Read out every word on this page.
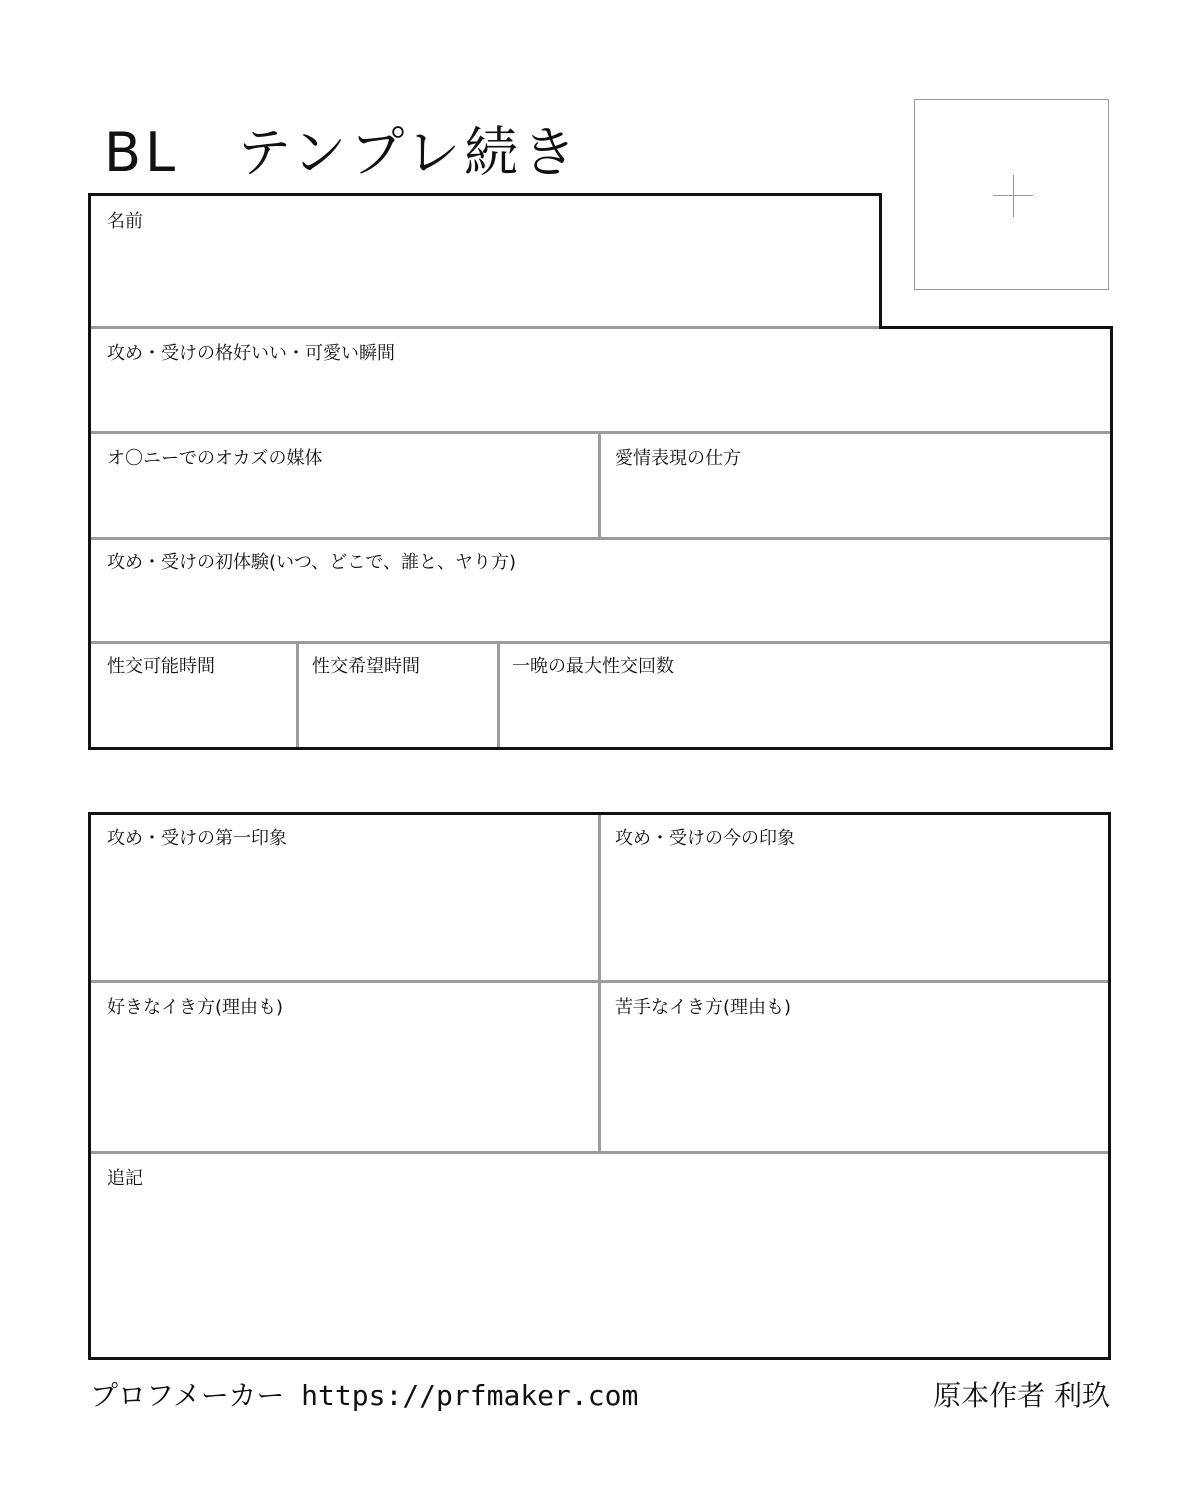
BL　テンプレ続き
名前
攻め・受けの格好いい・可愛い瞬間
オ〇ニーでのオカズの媒体	愛情表現の仕方
攻め・受けの初体験(いつ、どこで、誰と、ヤり方)
性交可能時間	性交希望時間	一晩の最大性交回数
攻め・受けの第一印象	攻め・受けの今の印象
好きなイき方(理由も)	苦手なイき方(理由も)
追記
プロフメーカー https://prfmaker.com	原本作者 利玖
